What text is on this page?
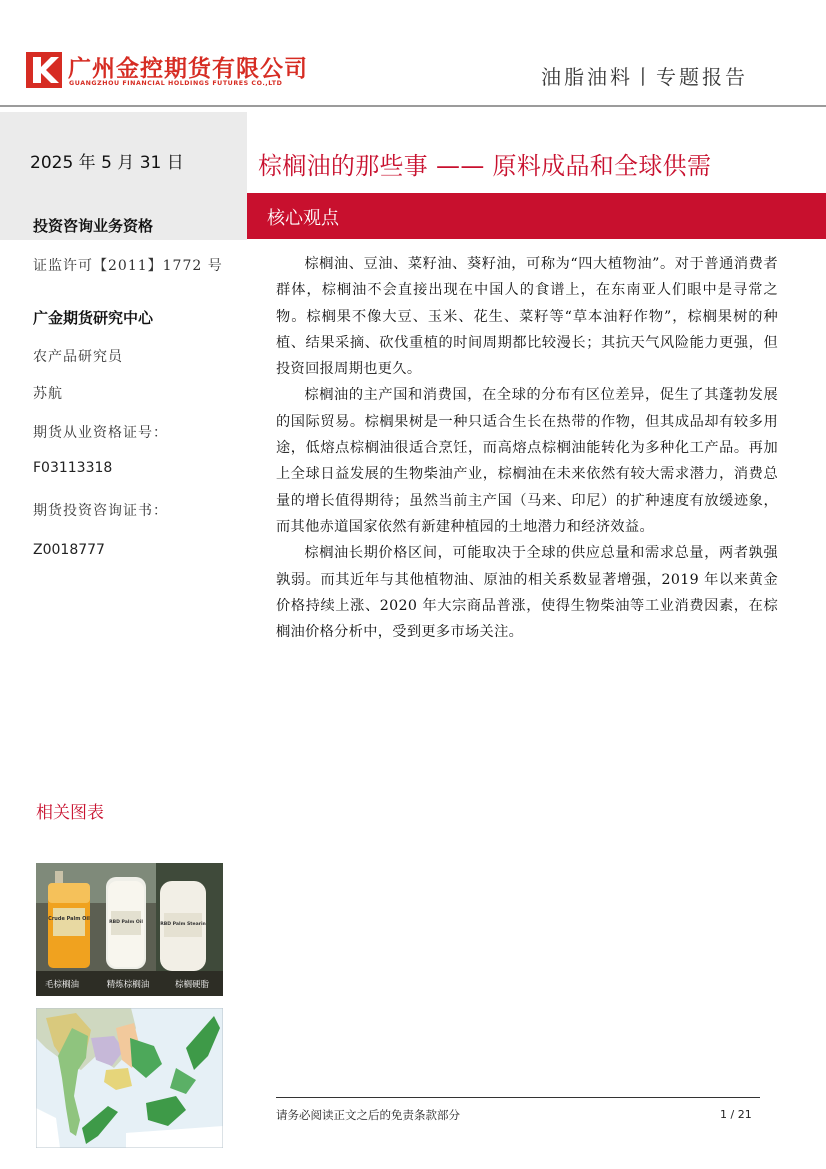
广州金控期货有限公司
GUANGZHOU FINANCIAL HOLDINGS FUTURES CO.,LTD	油脂油料丨专题报告
2025 年 5 月 31 日
投资咨询业务资格
证监许可【2011】1772 号
广金期货研究中心
农产品研究员
苏航
期货从业资格证号：
F03113318
期货投资咨询证书：
Z0018777
相关图表
Crude Palm Oil
RBD Palm Oil	RBD Palm Stearin
毛棕榈油	精炼棕榈油	棕榈硬脂
棕榈油的那些事 —— 原料成品和全球供需
核心观点

棕榈油、豆油、菜籽油、葵籽油，可称为“四大植物油”。对于普通消费者群体，棕榈油不会直接出现在中国人的食谱上，在东南亚人们眼中是寻常之物。棕榈果不像大豆、玉米、花生、菜籽等“草本油籽作物”，棕榈果树的种植、结果采摘、砍伐重植的时间周期都比较漫长；其抗天气风险能力更强，但投资回报周期也更久。

棕榈油的主产国和消费国，在全球的分布有区位差异，促生了其蓬勃发展的国际贸易。棕榈果树是一种只适合生长在热带的作物，但其成品却有较多用途，低熔点棕榈油很适合烹饪，而高熔点棕榈油能转化为多种化工产品。再加上全球日益发展的生物柴油产业，棕榈油在未来依然有较大需求潜力，消费总量的增长值得期待；虽然当前主产国（马来、印尼）的扩种速度有放缓迹象，而其他赤道国家依然有新建种植园的土地潜力和经济效益。

棕榈油长期价格区间，可能取决于全球的供应总量和需求总量，两者孰强孰弱。而其近年与其他植物油、原油的相关系数显著增强，2019 年以来黄金价格持续上涨、2020 年大宗商品普涨，使得生物柴油等工业消费因素，在棕榈油价格分析中，受到更多市场关注。

请务必阅读正文之后的免责条款部分	1 / 21
